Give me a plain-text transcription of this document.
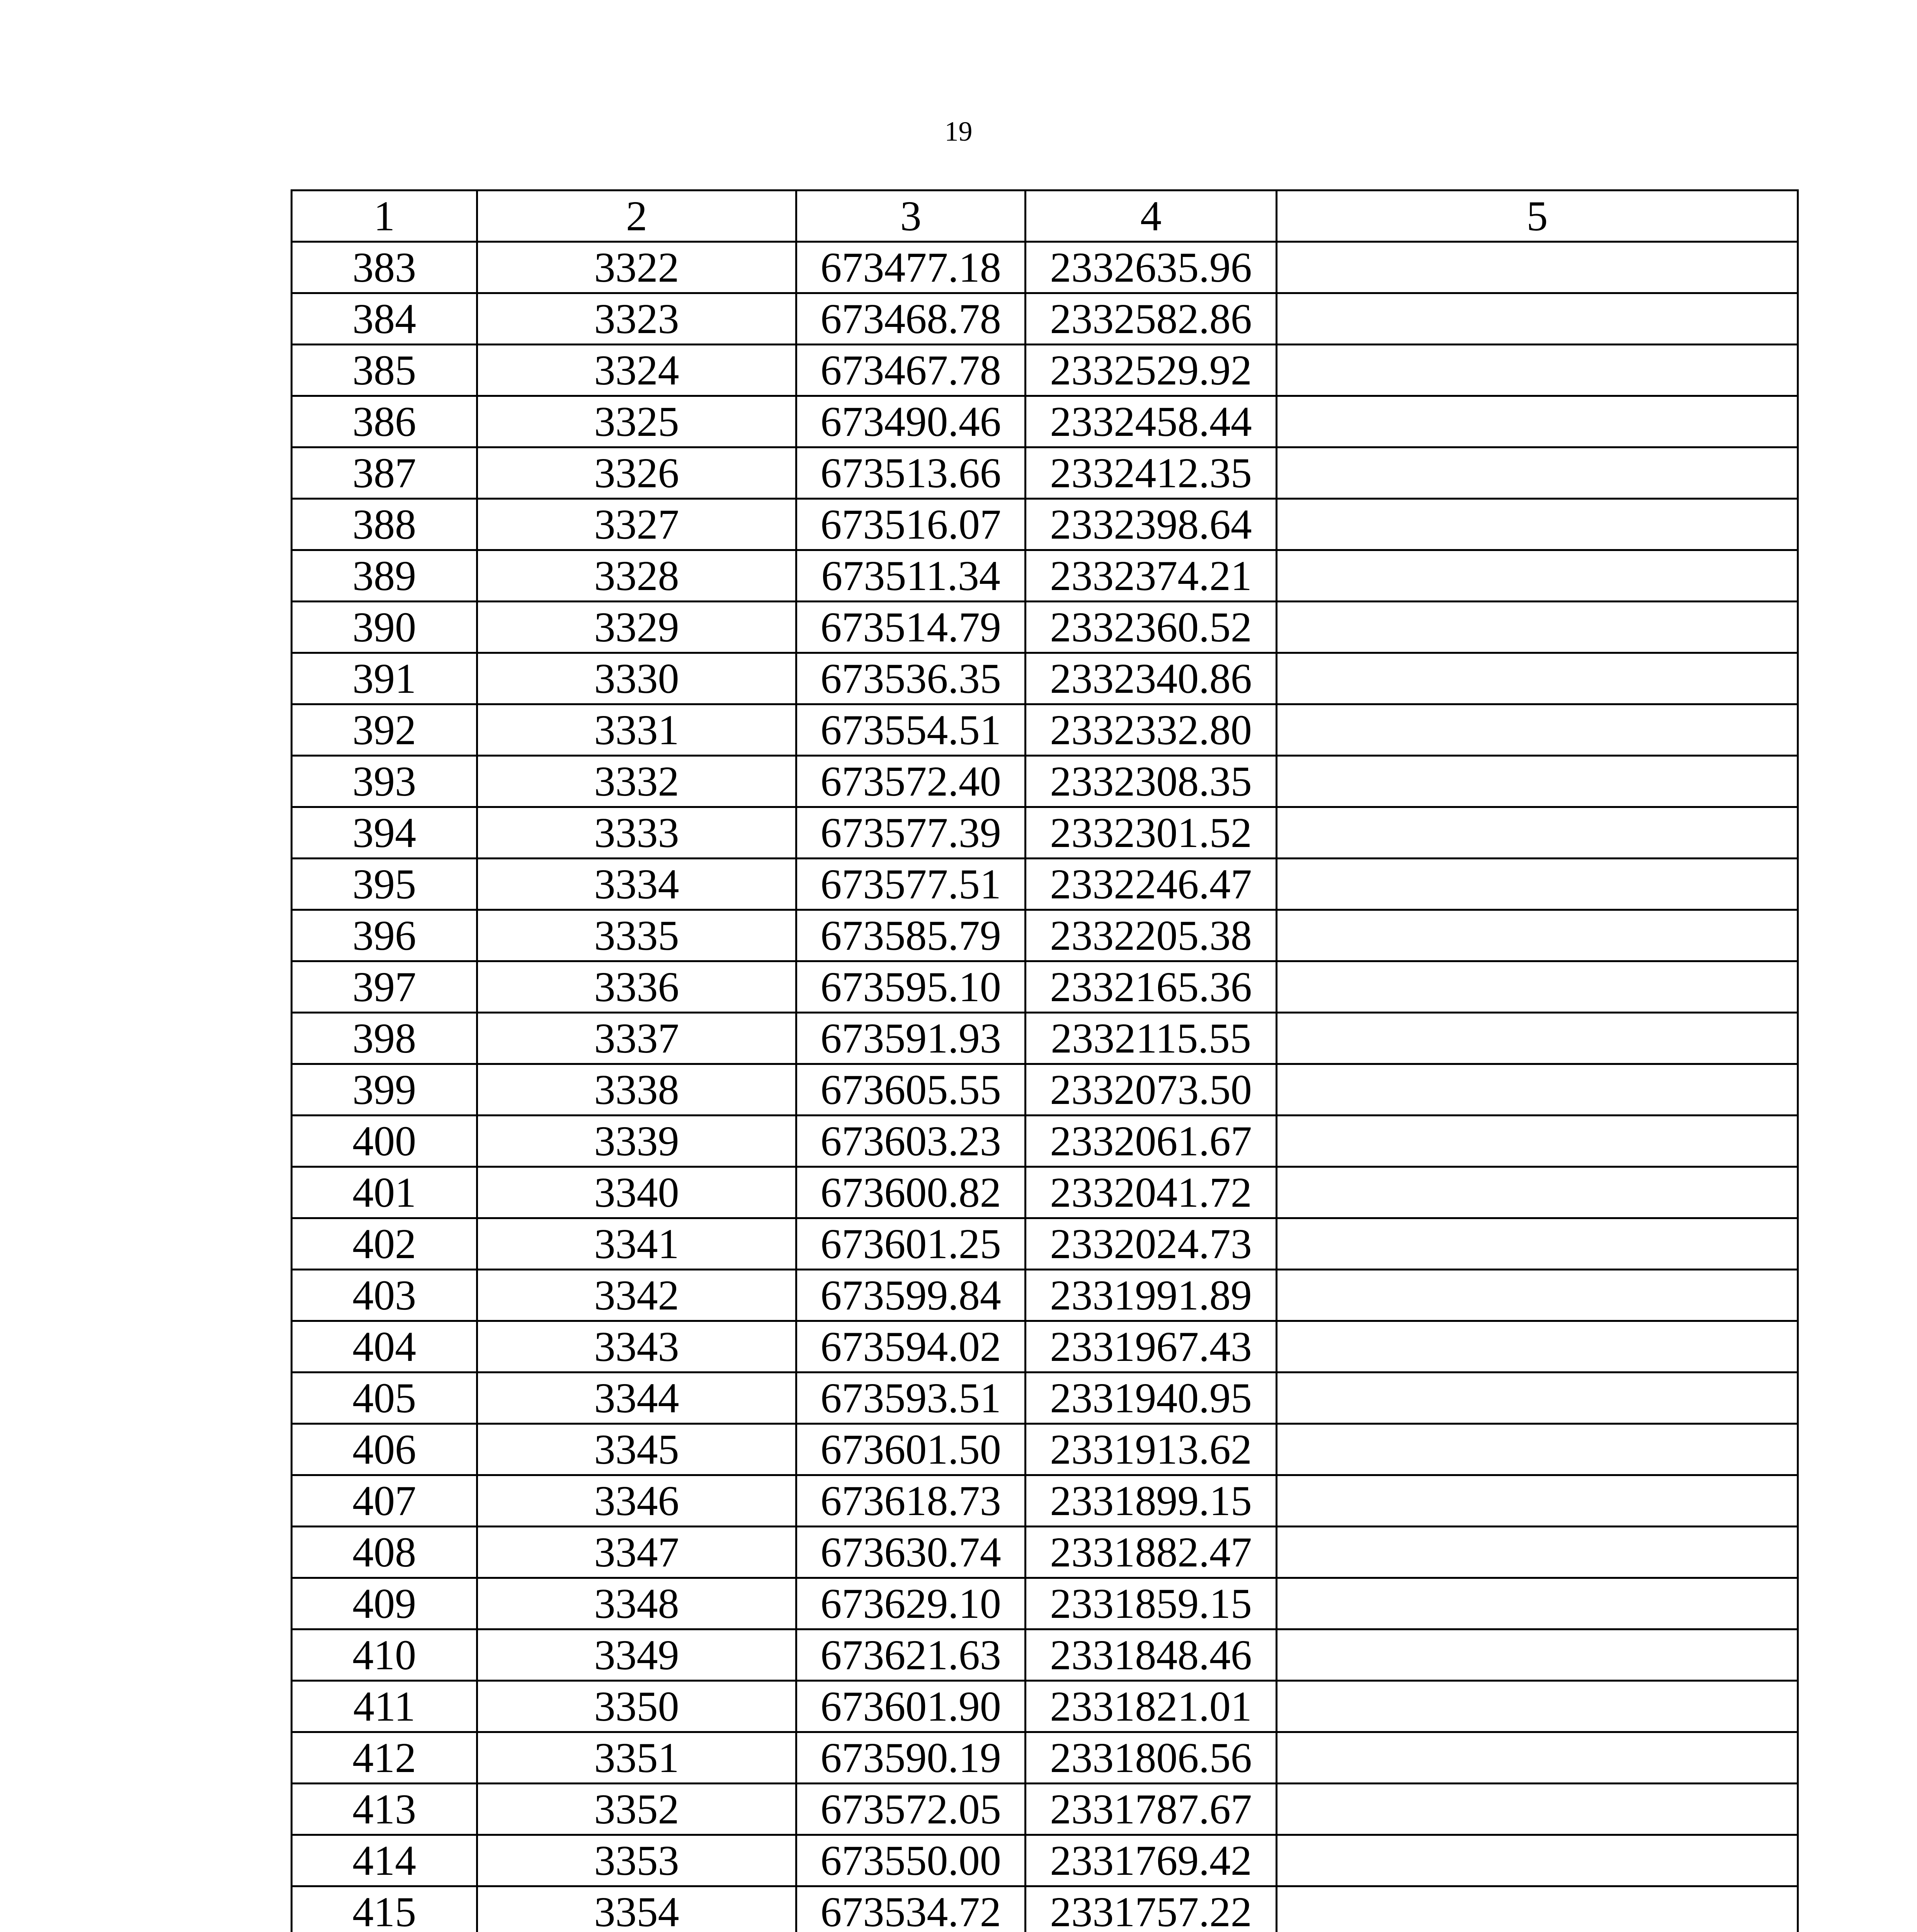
19
1	2	3	4	5
383	3322	673477.18	2332635.96	
384	3323	673468.78	2332582.86	
385	3324	673467.78	2332529.92	
386	3325	673490.46	2332458.44	
387	3326	673513.66	2332412.35	
388	3327	673516.07	2332398.64	
389	3328	673511.34	2332374.21	
390	3329	673514.79	2332360.52	
391	3330	673536.35	2332340.86	
392	3331	673554.51	2332332.80	
393	3332	673572.40	2332308.35	
394	3333	673577.39	2332301.52	
395	3334	673577.51	2332246.47	
396	3335	673585.79	2332205.38	
397	3336	673595.10	2332165.36	
398	3337	673591.93	2332115.55	
399	3338	673605.55	2332073.50	
400	3339	673603.23	2332061.67	
401	3340	673600.82	2332041.72	
402	3341	673601.25	2332024.73	
403	3342	673599.84	2331991.89	
404	3343	673594.02	2331967.43	
405	3344	673593.51	2331940.95	
406	3345	673601.50	2331913.62	
407	3346	673618.73	2331899.15	
408	3347	673630.74	2331882.47	
409	3348	673629.10	2331859.15	
410	3349	673621.63	2331848.46	
411	3350	673601.90	2331821.01	
412	3351	673590.19	2331806.56	
413	3352	673572.05	2331787.67	
414	3353	673550.00	2331769.42	
415	3354	673534.72	2331757.22	
